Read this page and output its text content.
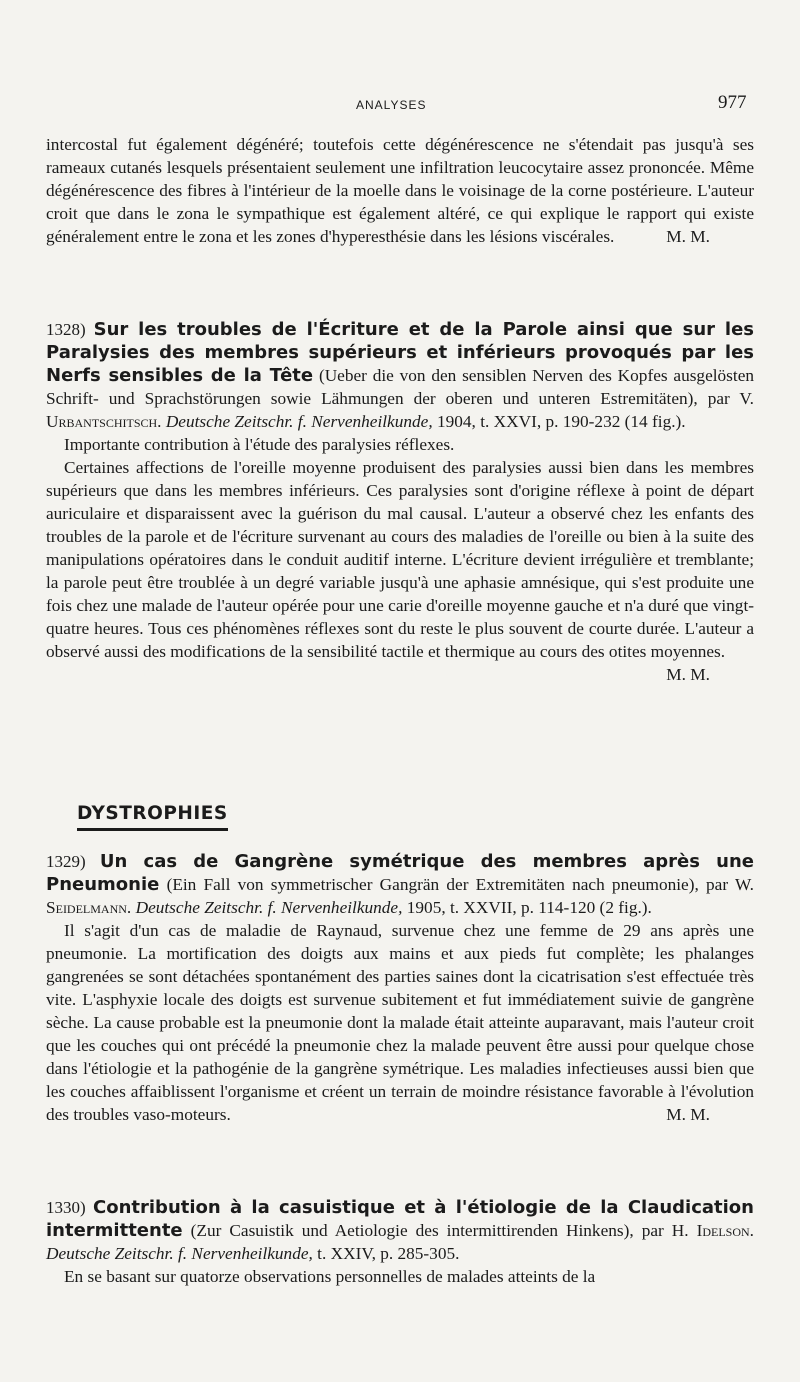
ANALYSES	977

intercostal fut également dégénéré; toutefois cette dégénérescence ne s'étendait pas jusqu'à ses rameaux cutanés lesquels présentaient seulement une infiltration leucocytaire assez prononcée. Même dégénérescence des fibres à l'intérieur de la moelle dans le voisinage de la corne postérieure. L'auteur croit que dans le zona le sympathique est également altéré, ce qui explique le rapport qui existe généralement entre le zona et les zones d'hyperesthésie dans les lésions viscérales.	M. M.

1328) Sur les troubles de l'Écriture et de la Parole ainsi que sur les Paralysies des membres supérieurs et inférieurs provoqués par les Nerfs sensibles de la Tête (Ueber die von den sensiblen Nerven des Kopfes ausgelösten Schrift- und Sprachstörungen sowie Lähmungen der oberen und unteren Estremitäten), par V. Urbantschitsch. Deutsche Zeitschr. f. Nervenheilkunde, 1904, t. XXVI, p. 190-232 (14 fig.).

Importante contribution à l'étude des paralysies réflexes.

Certaines affections de l'oreille moyenne produisent des paralysies aussi bien dans les membres supérieurs que dans les membres inférieurs. Ces paralysies sont d'origine réflexe à point de départ auriculaire et disparaissent avec la guérison du mal causal. L'auteur a observé chez les enfants des troubles de la parole et de l'écriture survenant au cours des maladies de l'oreille ou bien à la suite des manipulations opératoires dans le conduit auditif interne. L'écriture devient irrégulière et tremblante; la parole peut être troublée à un degré variable jusqu'à une aphasie amnésique, qui s'est produite une fois chez une malade de l'auteur opérée pour une carie d'oreille moyenne gauche et n'a duré que vingt-quatre heures. Tous ces phénomènes réflexes sont du reste le plus souvent de courte durée. L'auteur a observé aussi des modifications de la sensibilité tactile et thermique au cours des otites moyennes.
M. M.

DYSTROPHIES

1329) Un cas de Gangrène symétrique des membres après une Pneumonie (Ein Fall von symmetrischer Gangrän der Extremitäten nach pneumonie), par W. Seidelmann. Deutsche Zeitschr. f. Nervenheilkunde, 1905, t. XXVII, p. 114-120 (2 fig.).

Il s'agit d'un cas de maladie de Raynaud, survenue chez une femme de 29 ans après une pneumonie. La mortification des doigts aux mains et aux pieds fut complète; les phalanges gangrenées se sont détachées spontanément des parties saines dont la cicatrisation s'est effectuée très vite. L'asphyxie locale des doigts est survenue subitement et fut immédiatement suivie de gangrène sèche. La cause probable est la pneumonie dont la malade était atteinte auparavant, mais l'auteur croit que les couches qui ont précédé la pneumonie chez la malade peuvent être aussi pour quelque chose dans l'étiologie et la pathogénie de la gangrène symétrique. Les maladies infectieuses aussi bien que les couches affaiblissent l'organisme et créent un terrain de moindre résistance favorable à l'évolution des troubles vaso-moteurs.	M. M.

1330) Contribution à la casuistique et à l'étiologie de la Claudication intermittente (Zur Casuistik und Aetiologie des intermittirenden Hinkens), par H. Idelson. Deutsche Zeitschr. f. Nervenheilkunde, t. XXIV, p. 285-305.

En se basant sur quatorze observations personnelles de malades atteints de la
